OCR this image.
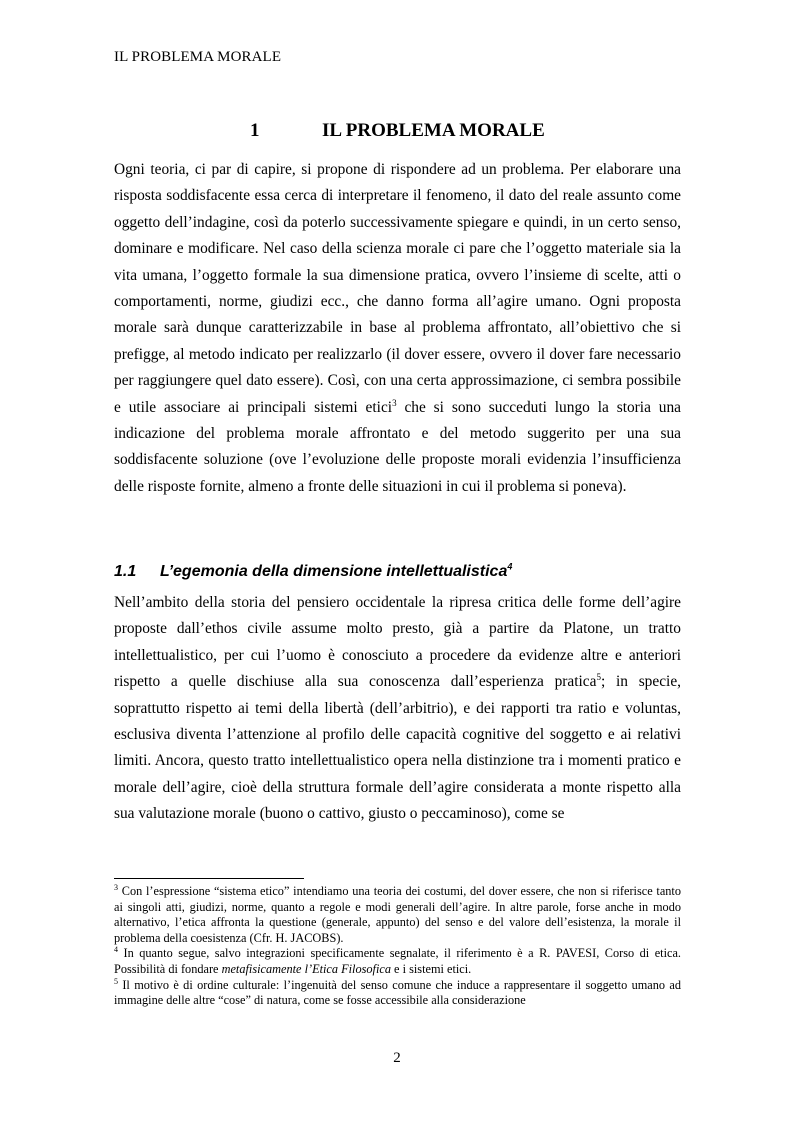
IL PROBLEMA MORALE
1	IL PROBLEMA MORALE
Ogni teoria, ci par di capire, si propone di rispondere ad un problema. Per elaborare una risposta soddisfacente essa cerca di interpretare il fenomeno, il dato del reale assunto come oggetto dell’indagine, così da poterlo successivamente spiegare e quindi, in un certo senso, dominare e modificare. Nel caso della scienza morale ci pare che l’oggetto materiale sia la vita umana, l’oggetto formale la sua dimensione pratica, ovvero l’insieme di scelte, atti o comportamenti, norme, giudizi ecc., che danno forma all’agire umano. Ogni proposta morale sarà dunque caratterizzabile in base al problema affrontato, all’obiettivo che si prefigge, al metodo indicato per realizzarlo (il dover essere, ovvero il dover fare necessario per raggiungere quel dato essere). Così, con una certa approssimazione, ci sembra possibile e utile associare ai principali sistemi etici$^3$ che si sono succeduti lungo la storia una indicazione del problema morale affrontato e del metodo suggerito per una sua soddisfacente soluzione (ove l’evoluzione delle proposte morali evidenzia l’insufficienza delle risposte fornite, almeno a fronte delle situazioni in cui il problema si poneva).
1.1 L’egemonia della dimensione intellettualistica$^4$
Nell’ambito della storia del pensiero occidentale la ripresa critica delle forme dell’agire proposte dall’ethos civile assume molto presto, già a partire da Platone, un tratto intellettualistico, per cui l’uomo è conosciuto a procedere da evidenze altre e anteriori rispetto a quelle dischiuse alla sua conoscenza dall’esperienza pratica$^5$; in specie, soprattutto rispetto ai temi della libertà (dell’arbitrio), e dei rapporti tra ratio e voluntas, esclusiva diventa l’attenzione al profilo delle capacità cognitive del soggetto e ai relativi limiti. Ancora, questo tratto intellettualistico opera nella distinzione tra i momenti pratico e morale dell’agire, cioè della struttura formale dell’agire considerata a monte rispetto alla sua valutazione morale (buono o cattivo, giusto o peccaminoso), come se

$^3$ Con l’espressione “sistema etico” intendiamo una teoria dei costumi, del dover essere, che non si riferisce tanto ai singoli atti, giudizi, norme, quanto a regole e modi generali dell’agire. In altre parole, forse anche in modo alternativo, l’etica affronta la questione (generale, appunto) del senso e del valore dell’esistenza, la morale il problema della coesistenza (Cfr. H. JACOBS).

$^4$ In quanto segue, salvo integrazioni specificamente segnalate, il riferimento è a R. PAVESI, Corso di etica. Possibilità di fondare metafisicamente l’Etica Filosofica e i sistemi etici.

$^5$ Il motivo è di ordine culturale: l’ingenuità del senso comune che induce a rappresentare il soggetto umano ad immagine delle altre “cose” di natura, come se fosse accessibile alla considerazione

2
